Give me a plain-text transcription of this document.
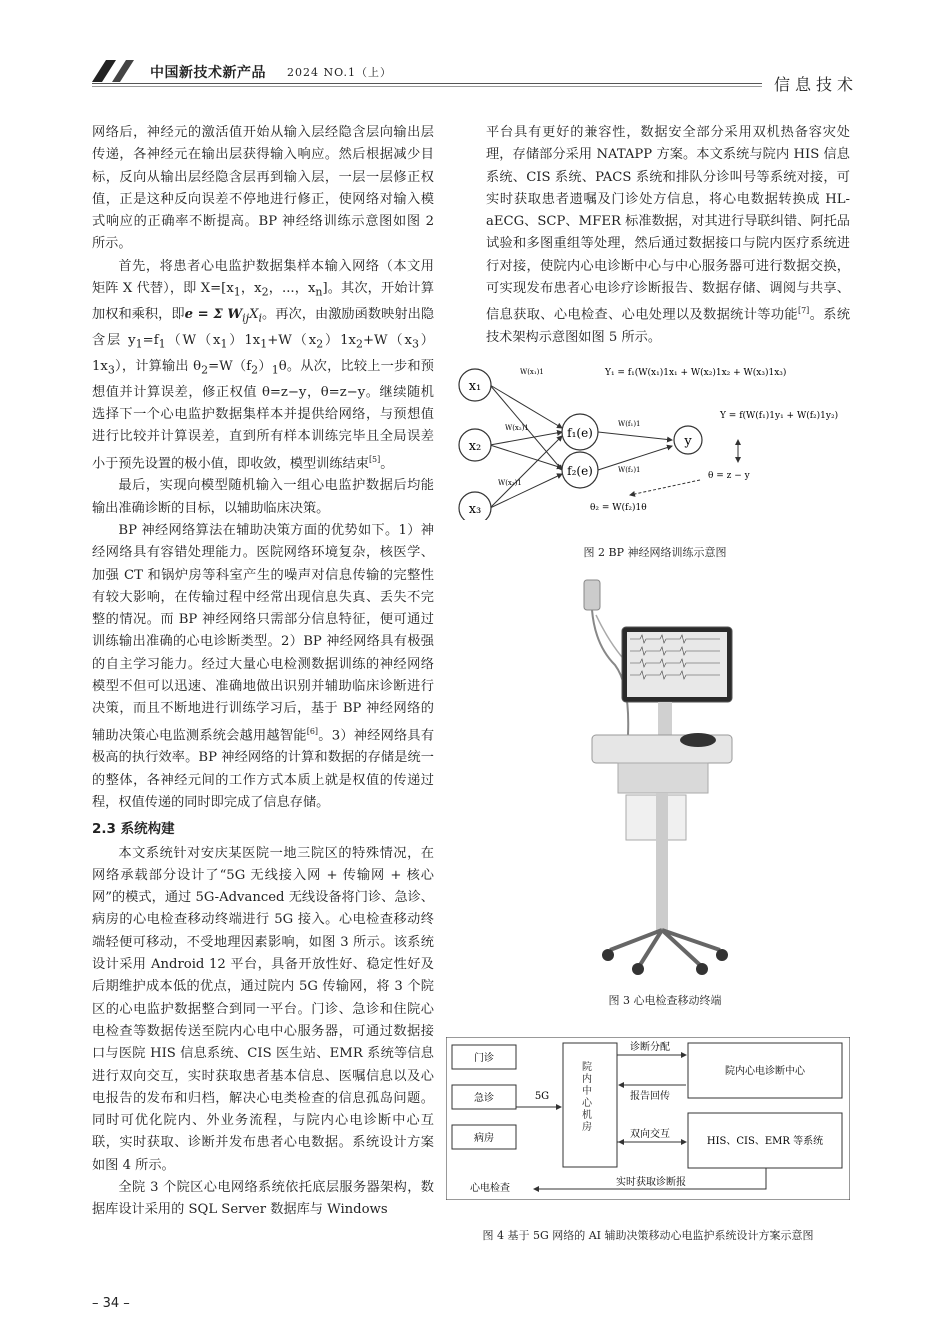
中国新技术新产品 2024 NO.1（上）
信息技术

网络后，神经元的激活值开始从输入层经隐含层向输出层传递，各神经元在输出层获得输入响应。然后根据减少目标，反向从输出层经隐含层再到输入层，一层一层修正权值，正是这种反向误差不停地进行修正，使网络对输入模式响应的正确率不断提高。BP 神经络训练示意图如图 2 所示。

首先，将患者心电监护数据集样本输入网络（本文用矩阵 X 代替），即 $X=[x_1$，$x_2$，...，$x_n$]。其次，开始计算加权和乘积，即e = Σ $W_{ij}X_i$。再次，由激励函数映射出隐含层 $y_1=f_1(W(x_1)1x_1+W(x_2)1x_2+W(x_3)1x_3)$，计算输出 $\theta_2=W(f_2)_1\theta$。从次，比较上一步和预想值并计算误差，修正权值 θ=z−y，θ=z−y。继续随机选择下一个心电监护数据集样本并提供给网络，与预想值进行比较并计算误差，直到所有样本训练完毕且全局误差小于预先设置的极小值，即收敛，模型训练结束[5]。

最后，实现向模型随机输入一组心电监护数据后均能输出准确诊断的目标，以辅助临床决策。

BP 神经网络算法在辅助决策方面的优势如下。1）神经网络具有容错处理能力。医院网络环境复杂，核医学、加强 CT 和锅炉房等科室产生的噪声对信息传输的完整性有较大影响，在传输过程中经常出现信息失真、丢失不完整的情况。而 BP 神经网络只需部分信息特征，便可通过训练输出准确的心电诊断类型。2）BP 神经网络具有极强的自主学习能力。经过大量心电检测数据训练的神经网络模型不但可以迅速、准确地做出识别并辅助临床诊断进行决策，而且不断地进行训练学习后，基于 BP 神经网络的辅助决策心电监测系统会越用越智能[6]。3）神经网络具有极高的执行效率。BP 神经网络的计算和数据的存储是统一的整体，各神经元间的工作方式本质上就是权值的传递过程，权值传递的同时即完成了信息存储。

2.3 系统构建

本文系统针对安庆某医院一地三院区的特殊情况，在网络承载部分设计了“5G 无线接入网 + 传输网 + 核心网”的模式，通过 5G-Advanced 无线设备将门诊、急诊、病房的心电检查移动终端进行 5G 接入。心电检查移动终端轻便可移动，不受地理因素影响，如图 3 所示。该系统设计采用 Android 12 平台，具备开放性好、稳定性好及后期维护成本低的优点，通过院内 5G 传输网，将 3 个院区的心电监护数据整合到同一平台。门诊、急诊和住院心电检查等数据传送至院内心电中心服务器，可通过数据接口与医院 HIS 信息系统、CIS 医生站、EMR 系统等信息进行双向交互，实时获取患者基本信息、医嘱信息以及心电报告的发布和归档，解决心电类检查的信息孤岛问题。同时可优化院内、外业务流程，与院内心电诊断中心互联，实时获取、诊断并发布患者心电数据。系统设计方案如图 4 所示。

全院 3 个院区心电网络系统依托底层服务器架构，数据库设计采用的 SQL Server 数据库与 Windows

平台具有更好的兼容性，数据安全部分采用双机热备容灾处理，存储部分采用 NATAPP 方案。本文系统与院内 HIS 信息系统、CIS 系统、PACS 系统和排队分诊叫号等系统对接，可实时获取患者遗嘱及门诊处方信息，将心电数据转换成 HL-aECG、SCP、MFER 标准数据，对其进行导联纠错、阿托品试验和多图重组等处理，然后通过数据接口与院内医疗系统进行对接，使院内心电诊断中心与中心服务器可进行数据交换，可实现发布患者心电诊疗诊断报告、数据存储、调阅与共享、信息获取、心电检查、心电处理以及数据统计等功能[7]。系统技术架构示意图如图 5 所示。

x₁
x₂
x₃
f₁(e)
f₂(e)
y
W(x₁)1
W(x₂)1
W(x₃)1
W(f₁)1
W(f₂)1
Y₁ = f₁(W(x₁)1x₁ + W(x₂)1x₂ + W(x₃)1x₃)
Y = f(W(f₁)1y₁ + W(f₂)1y₂)
θ = z − y
θ₂ = W(f₂)1θ
图 2 BP 神经网络训练示意图
图 3 心电检查移动终端
门诊
急诊
病房
心电检查
5G
诊断分配
报告回传
双向交互
院内心电诊断中心
HIS、CIS、EMR 等系统
实时获取诊断报
院内中心机房
图 4 基于 5G 网络的 AI 辅助决策移动心电监护系统设计方案示意图
– 34 –
